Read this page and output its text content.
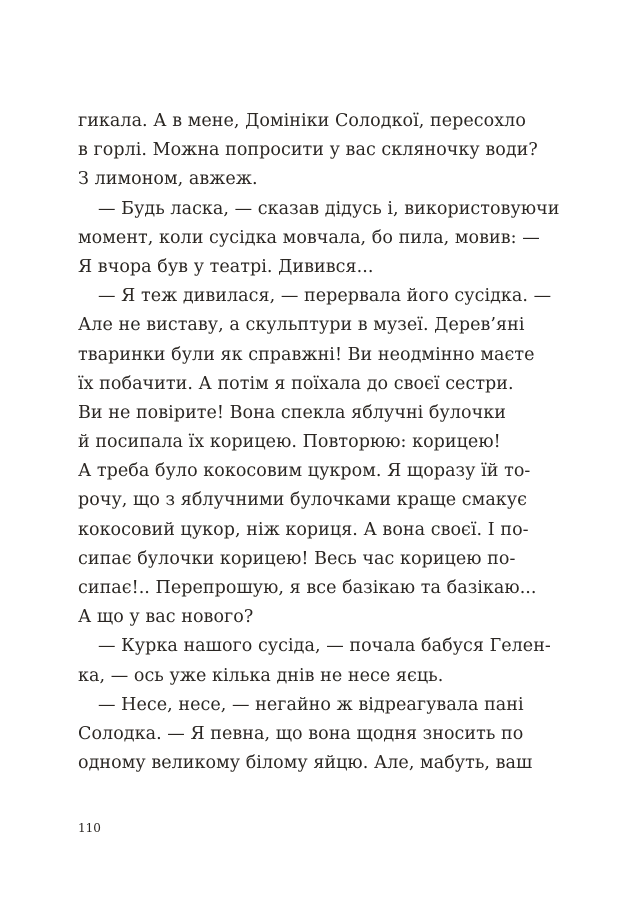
гикала. А в мене, Домініки Солодкої, пересохло
в горлі. Можна попросити у вас скляночку води?
З лимоном, авжеж.
— Будь ласка, — сказав дідусь і, використовуючи
момент, коли сусідка мовчала, бо пила, мовив: —
Я вчора був у театрі. Дивився...
— Я теж дивилася, — перервала його сусідка. —
Але не виставу, а скульптури в музеї. Дерев’яні
тваринки були як справжні! Ви неодмінно маєте
їх побачити. А потім я поїхала до своєї сестри.
Ви не повірите! Вона спекла яблучні булочки
й посипала їх корицею. Повторюю: корицею!
А треба було кокосовим цукром. Я щоразу їй то-
рочу, що з яблучними булочками краще смакує
кокосовий цукор, ніж кориця. А вона своєї. І по-
сипає булочки корицею! Весь час корицею по-
сипає!.. Перепрошую, я все базікаю та базікаю...
А що у вас нового?
— Курка нашого сусіда, — почала бабуся Гелен-
ка, — ось уже кілька днів не несе яєць.
— Несе, несе, — негайно ж відреагувала пані
Солодка. — Я певна, що вона щодня зносить по
одному великому білому яйцю. Але, мабуть, ваш
110
